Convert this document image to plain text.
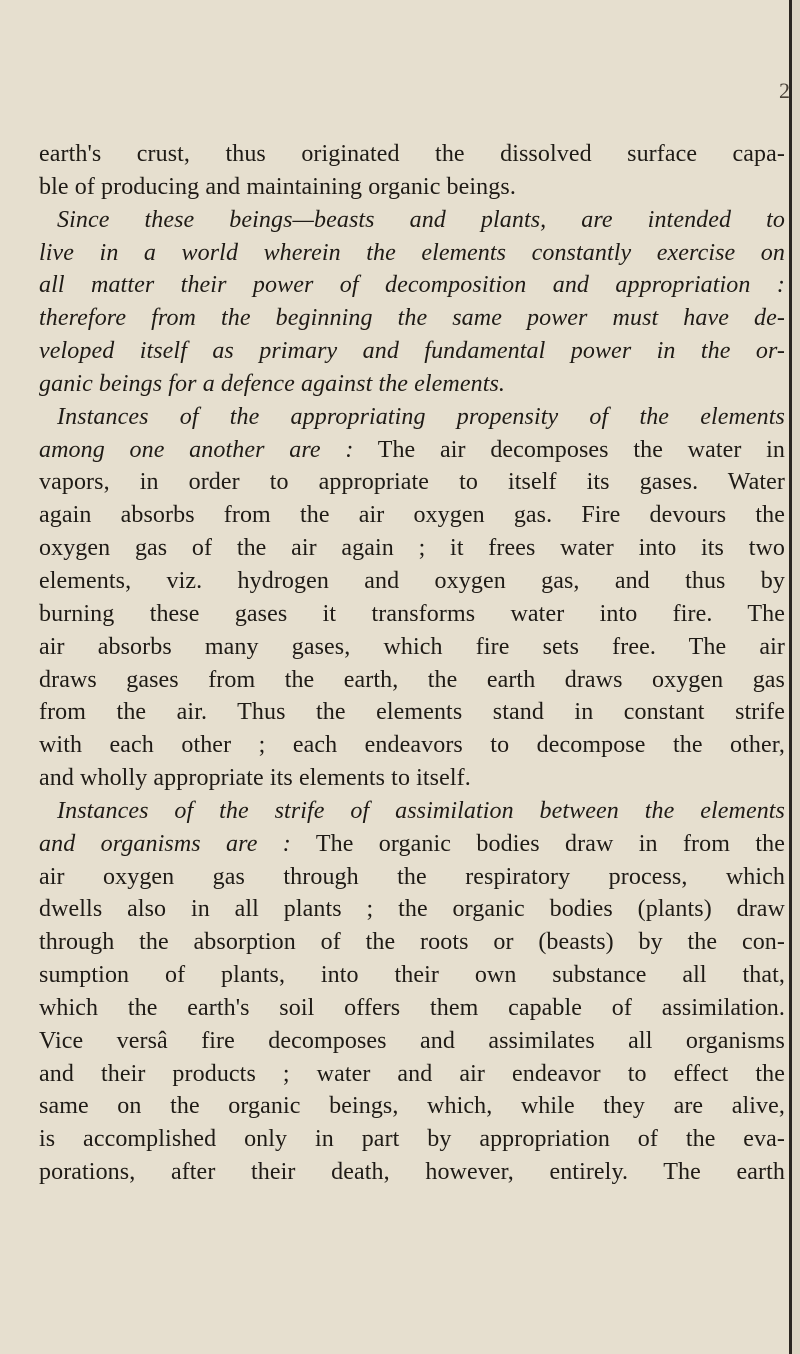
2
earth's crust, thus originated the dissolved surface capa-
ble of producing and maintaining organic beings.
Since these beings—beasts and plants, are intended to
live in a world wherein the elements constantly exercise on
all matter their power of decomposition and appropriation :
therefore from the beginning the same power must have de-
veloped itself as primary and fundamental power in the or-
ganic beings for a defence against the elements.
Instances of the appropriating propensity of the elements
among one another are : The air decomposes the water in
vapors, in order to appropriate to itself its gases. Water
again absorbs from the air oxygen gas. Fire devours the
oxygen gas of the air again ; it frees water into its two
elements, viz. hydrogen and oxygen gas, and thus by
burning these gases it transforms water into fire. The
air absorbs many gases, which fire sets free. The air
draws gases from the earth, the earth draws oxygen gas
from the air. Thus the elements stand in constant strife
with each other ; each endeavors to decompose the other,
and wholly appropriate its elements to itself.
Instances of the strife of assimilation between the elements
and organisms are : The organic bodies draw in from the
air oxygen gas through the respiratory process, which
dwells also in all plants ; the organic bodies (plants) draw
through the absorption of the roots or (beasts) by the con-
sumption of plants, into their own substance all that,
which the earth's soil offers them capable of assimilation.
Vice versâ fire decomposes and assimilates all organisms
and their products ; water and air endeavor to effect the
same on the organic beings, which, while they are alive,
is accomplished only in part by appropriation of the eva-
porations, after their death, however, entirely. The earth
